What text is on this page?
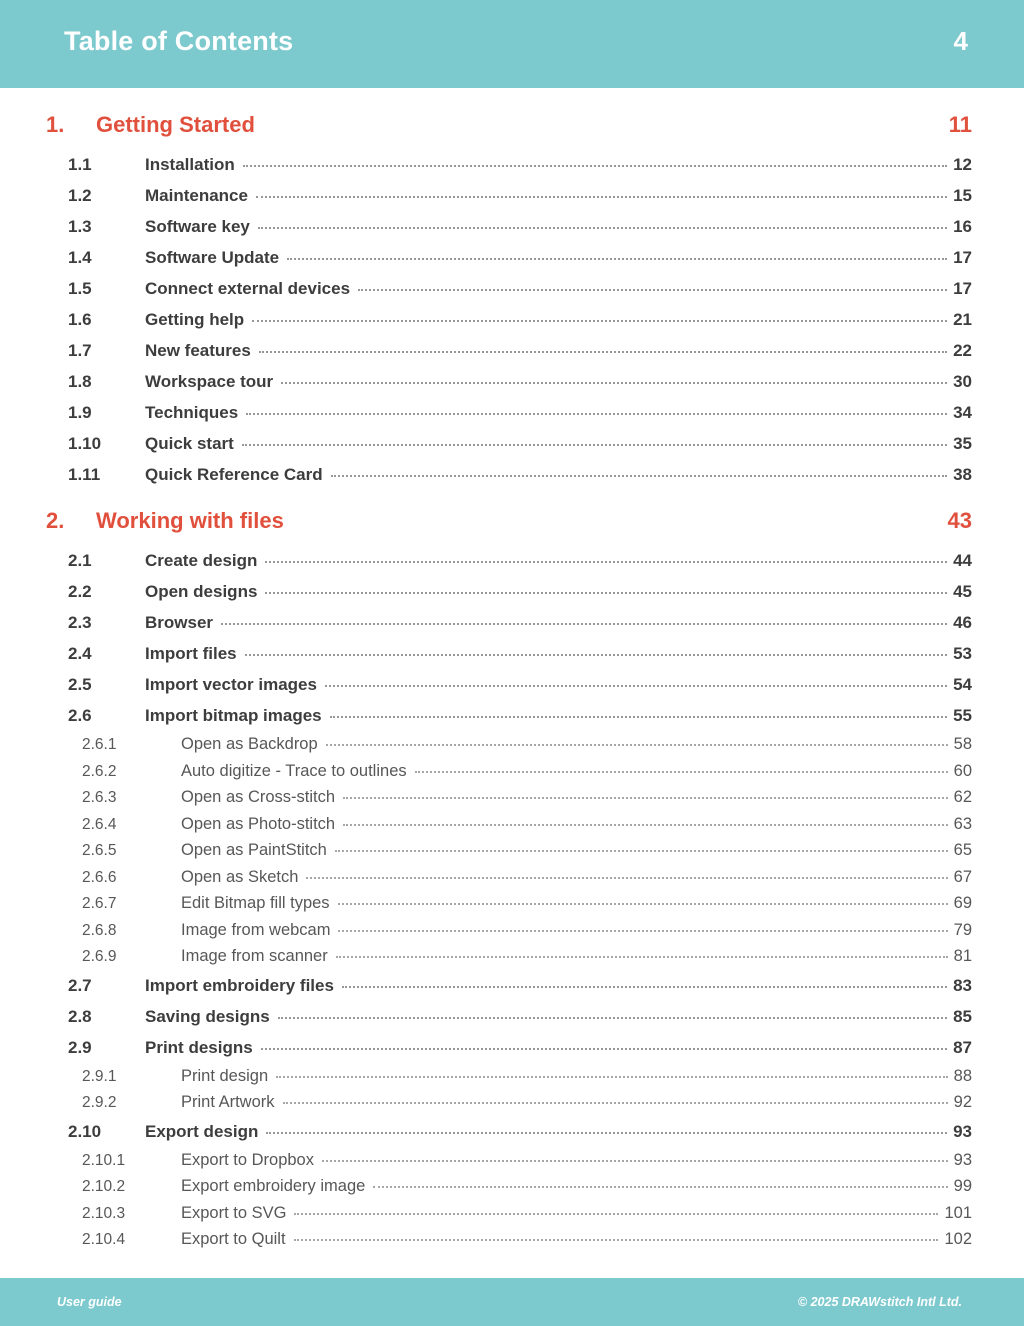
Table of Contents	4
1.	Getting Started	11
1.1	Installation	12
1.2	Maintenance	15
1.3	Software key	16
1.4	Software Update	17
1.5	Connect external devices	17
1.6	Getting help	21
1.7	New features	22
1.8	Workspace tour	30
1.9	Techniques	34
1.10	Quick start	35
1.11	Quick Reference Card	38
2.	Working with files	43
2.1	Create design	44
2.2	Open designs	45
2.3	Browser	46
2.4	Import files	53
2.5	Import vector images	54
2.6	Import bitmap images	55
2.6.1	Open as Backdrop	58
2.6.2	Auto digitize - Trace to outlines	60
2.6.3	Open as Cross-stitch	62
2.6.4	Open as Photo-stitch	63
2.6.5	Open as PaintStitch	65
2.6.6	Open as Sketch	67
2.6.7	Edit Bitmap fill types	69
2.6.8	Image from webcam	79
2.6.9	Image from scanner	81
2.7	Import embroidery files	83
2.8	Saving designs	85
2.9	Print designs	87
2.9.1	Print design	88
2.9.2	Print Artwork	92
2.10	Export design	93
2.10.1	Export to Dropbox	93
2.10.2	Export embroidery image	99
2.10.3	Export to SVG	101
2.10.4	Export to Quilt	102
User guide	© 2025 DRAWstitch Intl Ltd.
